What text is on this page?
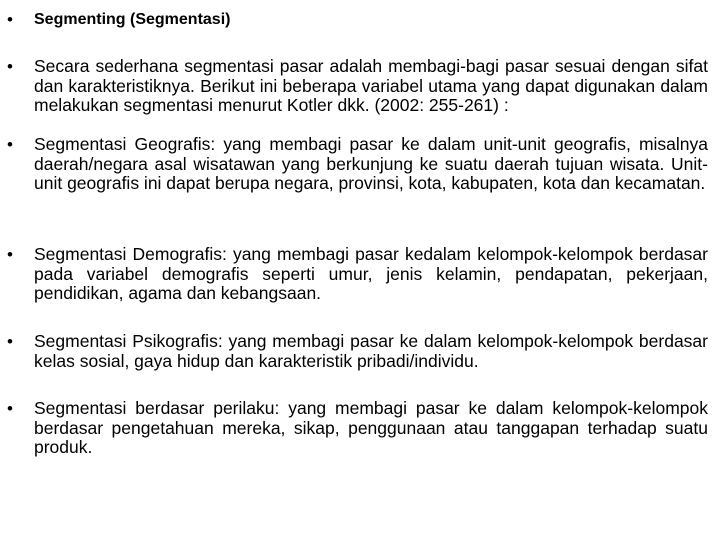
• Segmenting (Segmentasi)
• Secara sederhana segmentasi pasar adalah membagi-bagi pasar sesuai dengan sifat dan karakteristiknya. Berikut ini beberapa variabel utama yang dapat digunakan dalam melakukan segmentasi menurut Kotler dkk. (2002: 255-261) :
• Segmentasi Geografis: yang membagi pasar ke dalam unit-unit geografis, misalnya daerah/negara asal wisatawan yang berkunjung ke suatu daerah tujuan wisata. Unit-unit geografis ini dapat berupa negara, provinsi, kota, kabupaten, kota dan kecamatan.
• Segmentasi Demografis: yang membagi pasar kedalam kelompok-kelompok berdasar pada variabel demografis seperti umur, jenis kelamin, pendapatan, pekerjaan, pendidikan, agama dan kebangsaan.
• Segmentasi Psikografis: yang membagi pasar ke dalam kelompok-kelompok berdasar kelas sosial, gaya hidup dan karakteristik pribadi/individu.
• Segmentasi berdasar perilaku: yang membagi pasar ke dalam kelompok-kelompok berdasar pengetahuan mereka, sikap, penggunaan atau tanggapan terhadap suatu produk.
